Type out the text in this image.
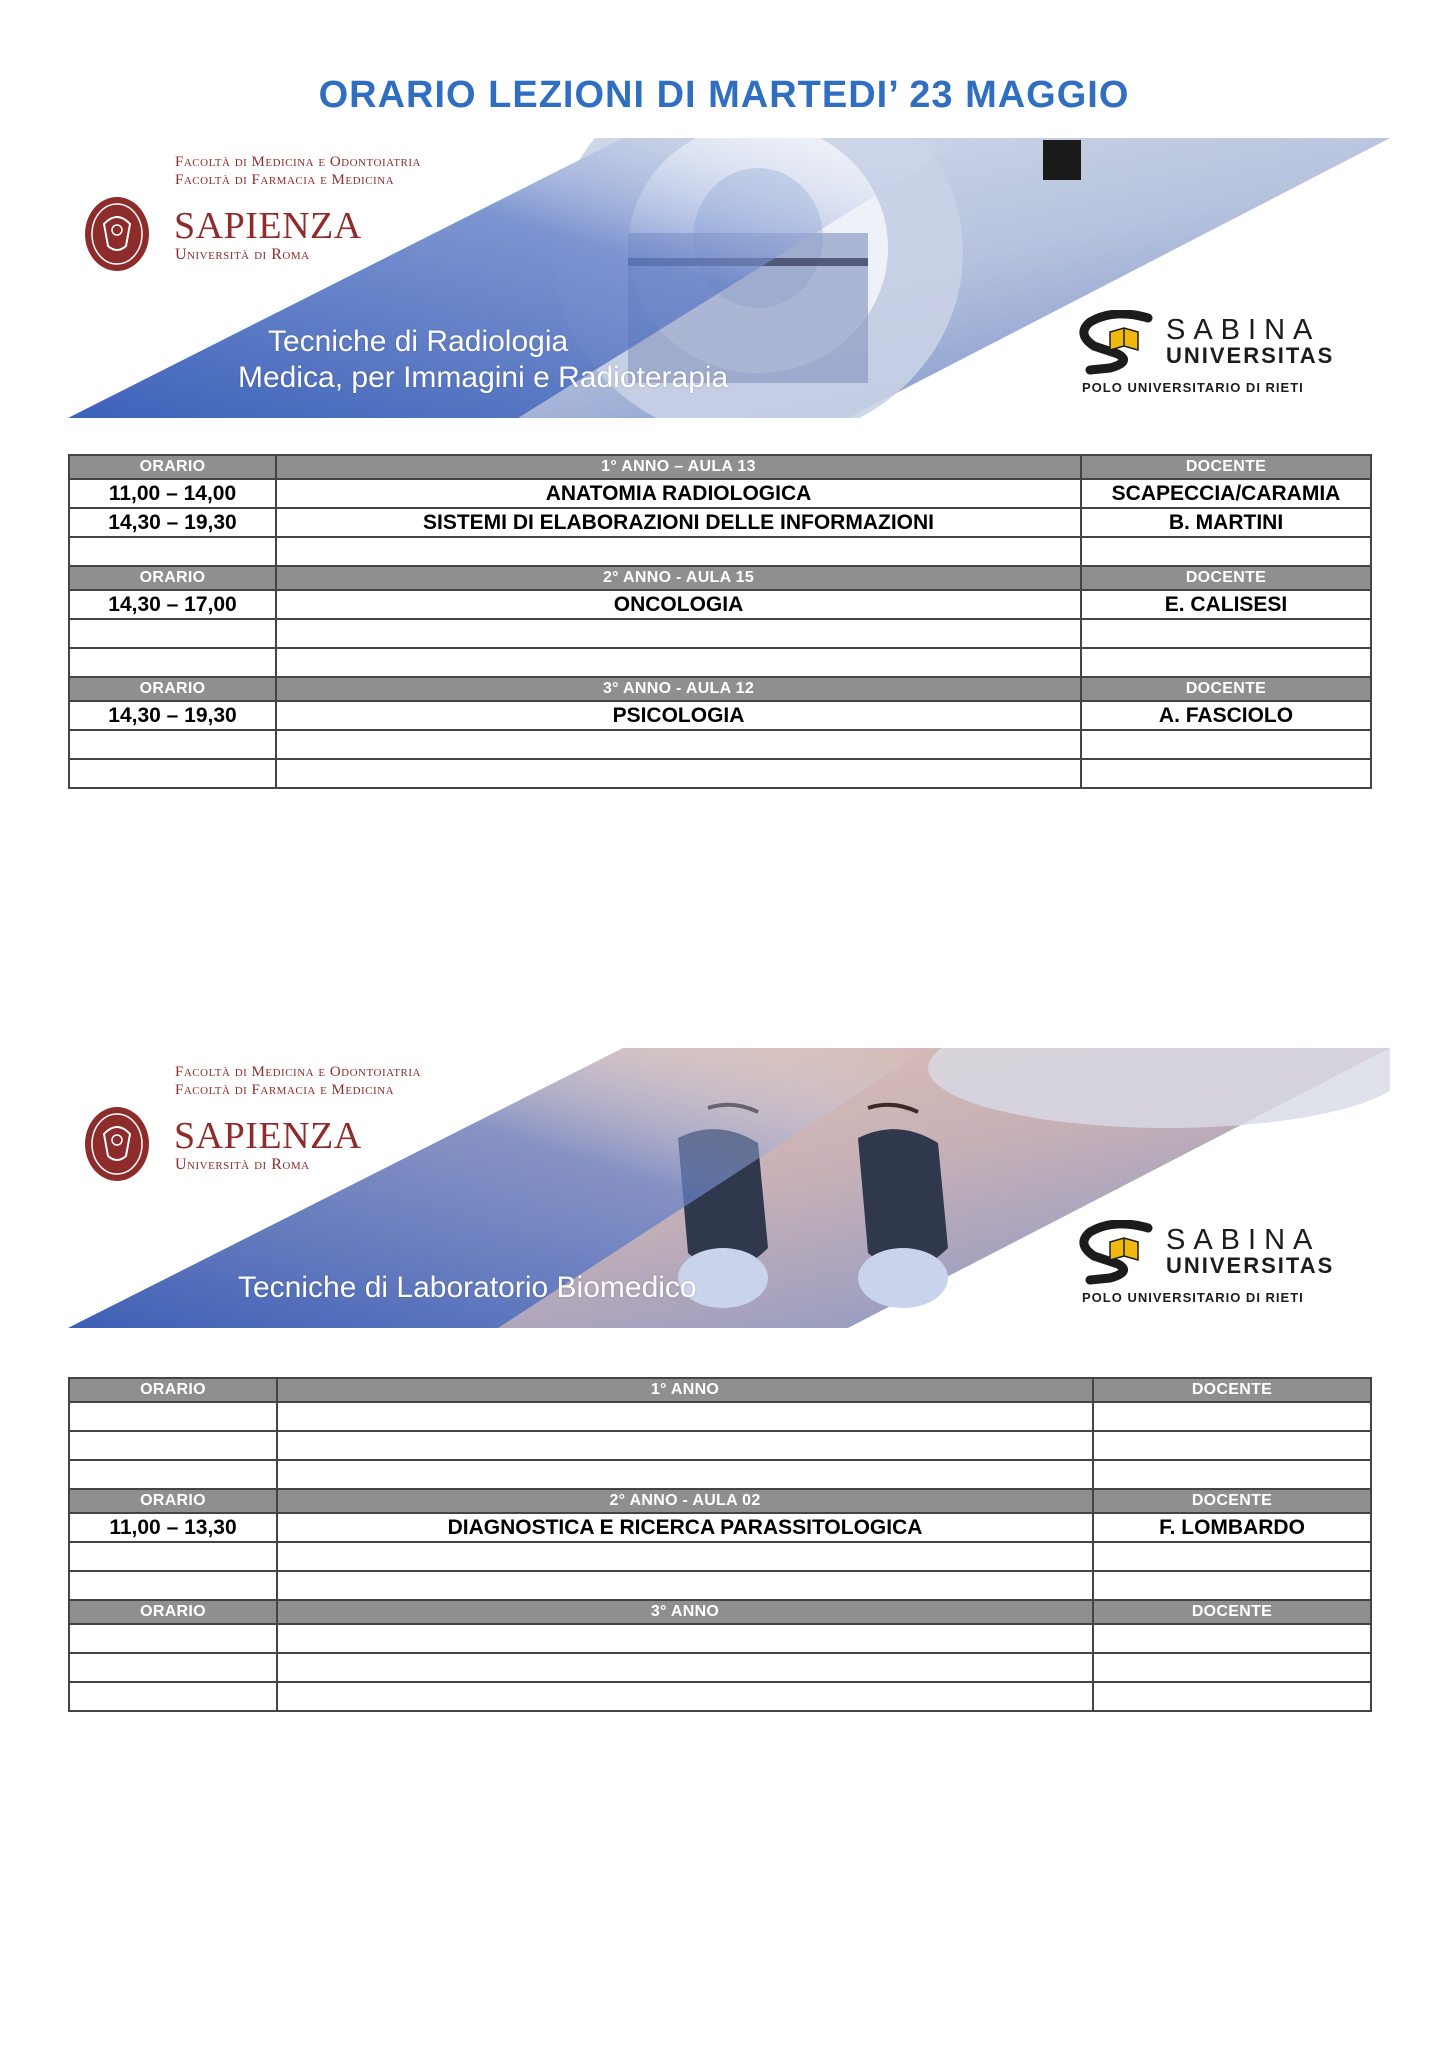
ORARIO LEZIONI DI MARTEDI’ 23 MAGGIO
Facoltà di Medicina e Odontoiatria
Facoltà di Farmacia e Medicina
SAPIENZA
Università di Roma
Tecniche di Radiologia
Medica, per Immagini e Radioterapia
SABINA
UNIVERSITAS
POLO UNIVERSITARIO DI RIETI
ORARIO	1° ANNO – AULA 13	DOCENTE
11,00 – 14,00	ANATOMIA RADIOLOGICA	SCAPECCIA/CARAMIA
14,30 – 19,30	SISTEMI DI ELABORAZIONI DELLE INFORMAZIONI	B. MARTINI

ORARIO	2° ANNO - AULA 15	DOCENTE
14,30 – 17,00	ONCOLOGIA	E. CALISESI

ORARIO	3° ANNO - AULA 12	DOCENTE
14,30 – 19,30	PSICOLOGIA	A. FASCIOLO

Facoltà di Medicina e Odontoiatria
Facoltà di Farmacia e Medicina
SAPIENZA
Università di Roma
Tecniche di Laboratorio Biomedico
SABINA
UNIVERSITAS
POLO UNIVERSITARIO DI RIETI
ORARIO	1° ANNO	DOCENTE

ORARIO	2° ANNO - AULA 02	DOCENTE
11,00 – 13,30	DIAGNOSTICA E RICERCA PARASSITOLOGICA	F. LOMBARDO

ORARIO	3° ANNO	DOCENTE
